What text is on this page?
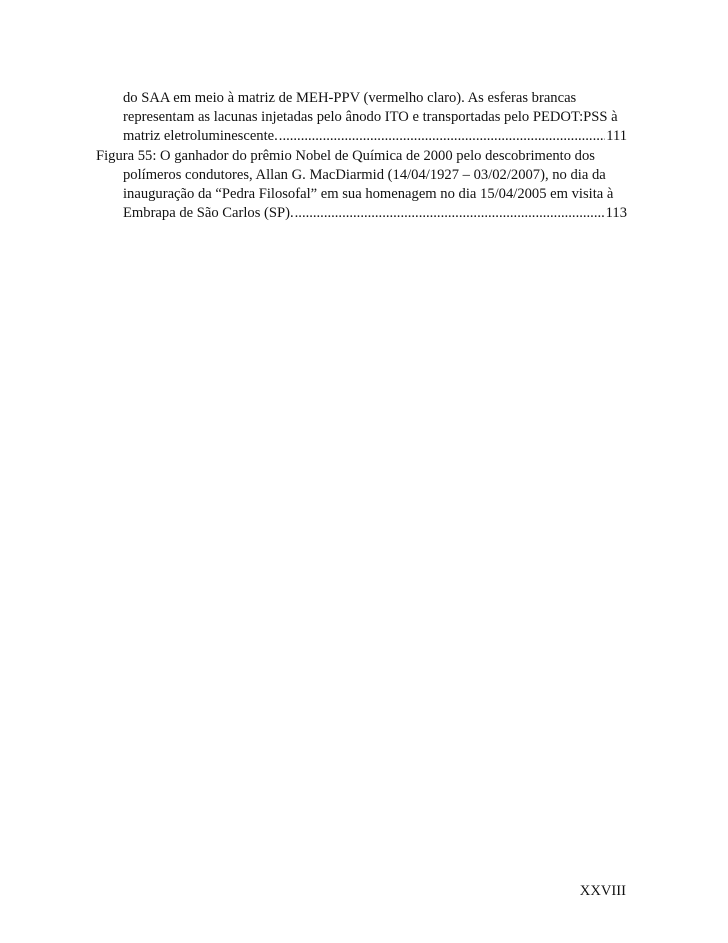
do SAA em meio à matriz de MEH-PPV (vermelho claro). As esferas brancas
representam as lacunas injetadas pelo ânodo ITO e transportadas pelo PEDOT:PSS à
matriz eletroluminescente. .....	111
Figura 55: O ganhador do prêmio Nobel de Química de 2000 pelo descobrimento dos
polímeros condutores, Allan G. MacDiarmid (14/04/1927 – 03/02/2007), no dia da
inauguração da “Pedra Filosofal” em sua homenagem no dia 15/04/2005 em visita à
Embrapa de São Carlos (SP). .....	113
XXVIII
